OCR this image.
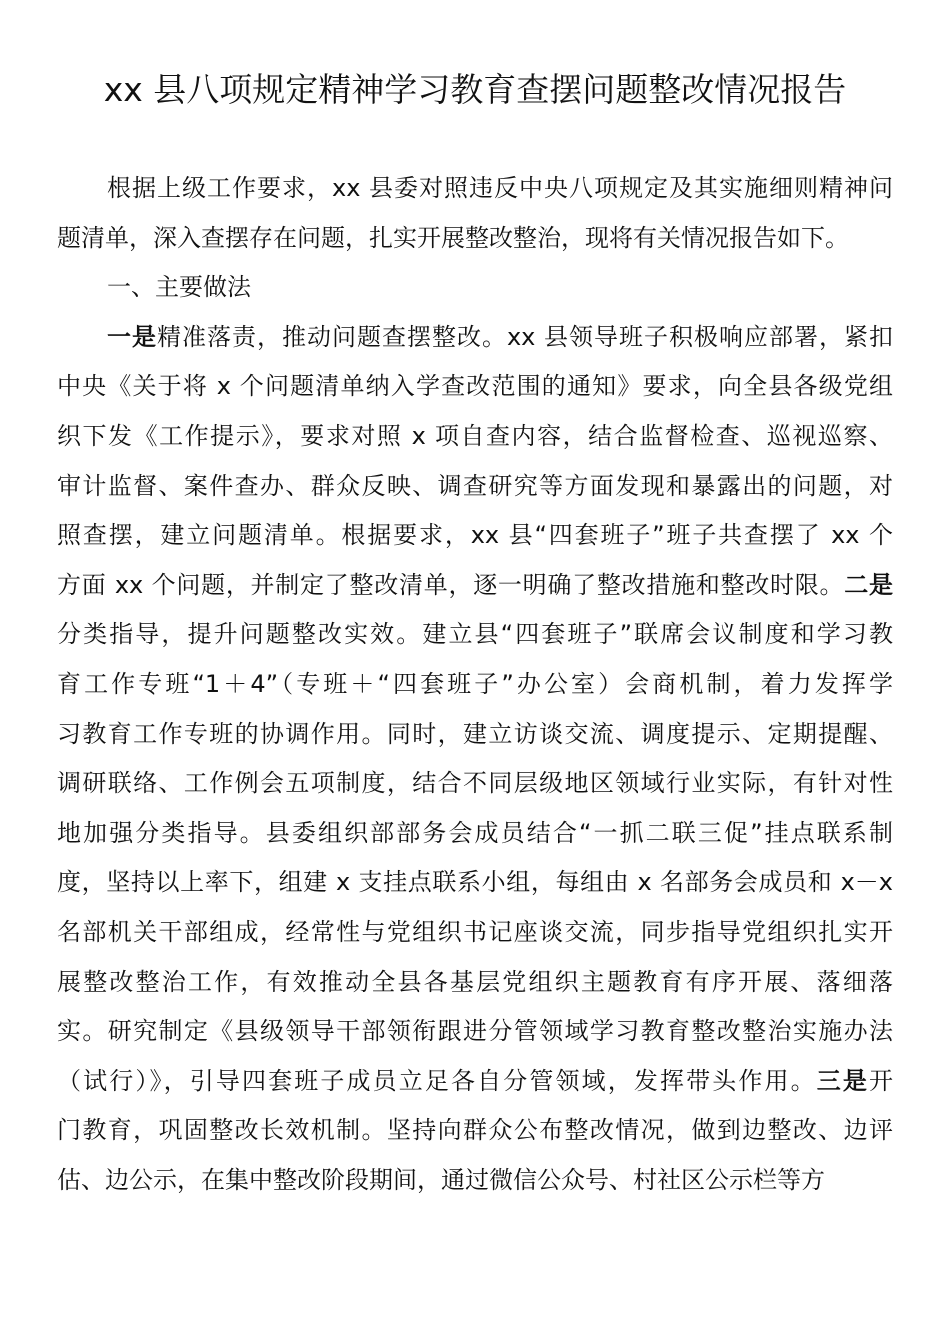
xx 县八项规定精神学习教育查摆问题整改情况报告
根据上级工作要求，xx 县委对照违反中央八项规定及其实施细则精神问
题清单，深入查摆存在问题，扎实开展整改整治，现将有关情况报告如下。
一、主要做法
一是精准落责，推动问题查摆整改。xx 县领导班子积极响应部署，紧扣
中央《关于将 x 个问题清单纳入学查改范围的通知》要求，向全县各级党组
织下发《工作提示》，要求对照 x 项自查内容，结合监督检查、巡视巡察、
审计监督、案件查办、群众反映、调查研究等方面发现和暴露出的问题，对
照查摆，建立问题清单。根据要求，xx 县“四套班子”班子共查摆了 xx 个
方面 xx 个问题，并制定了整改清单，逐一明确了整改措施和整改时限。二是
分类指导，提升问题整改实效。建立县“四套班子”联席会议制度和学习教
育工作专班“1＋4”（专班＋“四套班子”办公室）会商机制，着力发挥学
习教育工作专班的协调作用。同时，建立访谈交流、调度提示、定期提醒、
调研联络、工作例会五项制度，结合不同层级地区领域行业实际，有针对性
地加强分类指导。县委组织部部务会成员结合“一抓二联三促”挂点联系制
度，坚持以上率下，组建 x 支挂点联系小组，每组由 x 名部务会成员和 x－x
名部机关干部组成，经常性与党组织书记座谈交流，同步指导党组织扎实开
展整改整治工作，有效推动全县各基层党组织主题教育有序开展、落细落
实。研究制定《县级领导干部领衔跟进分管领域学习教育整改整治实施办法
（试行）》，引导四套班子成员立足各自分管领域，发挥带头作用。三是开
门教育，巩固整改长效机制。坚持向群众公布整改情况，做到边整改、边评
估、边公示，在集中整改阶段期间，通过微信公众号、村社区公示栏等方
